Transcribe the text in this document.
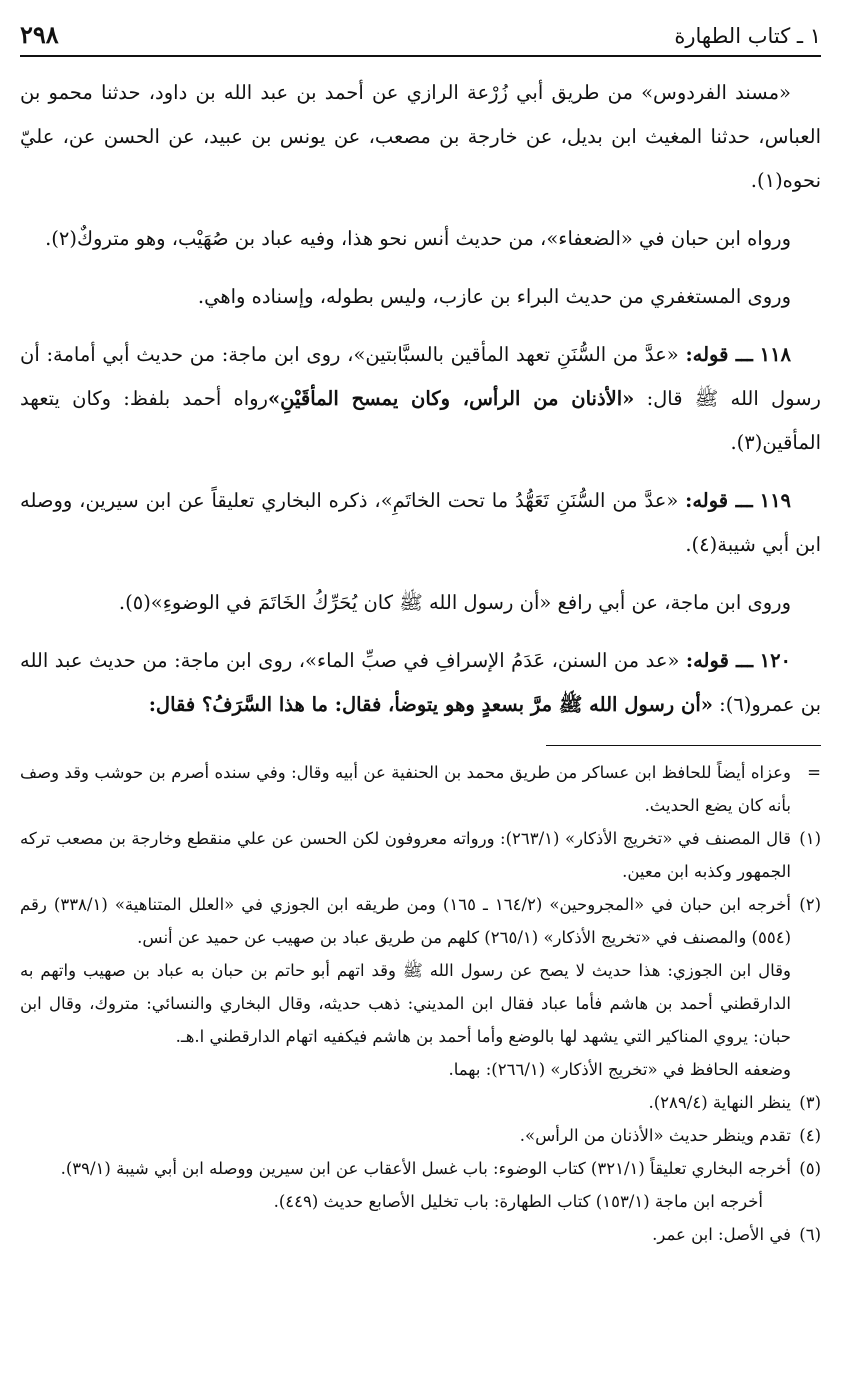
٢٩٨	١ ـ كتاب الطهارة

«مسند الفردوس» من طريق أبي زُرْعة الرازي عن أحمد بن عبد الله بن داود، حدثنا محمو بن العباس، حدثنا المغيث ابن بديل، عن خارجة بن مصعب، عن يونس بن عبيد، عن الحسن عن، عليّ نحوه(١).

ورواه ابن حبان في «الضعفاء»، من حديث أنس نحو هذا، وفيه عباد بن صُهَيْب، وهو متروكٌ(٢).

وروى المستغفري من حديث البراء بن عازب، وليس بطوله، وإسناده واهي.

١١٨ ـــ قوله: «عدَّ من السُّنَنِ تعهد المأقين بالسبَّابتين»، روى ابن ماجة: من حديث أبي أمامة: أن رسول الله ﷺ قال: «الأذنان من الرأس، وكان يمسح المأقَيْنِ»رواه أحمد بلفظ: وكان يتعهد المأقين(٣).

١١٩ ـــ قوله: «عدَّ من السُّنَنِ تَعَهُّدُ ما تحت الخاتَمِ»، ذكره البخاري تعليقاً عن ابن سيرين، ووصله ابن أبي شيبة(٤).

وروى ابن ماجة، عن أبي رافع «أن رسول الله ﷺ كان يُحَرِّكُ الخَاتَمَ في الوضوءِ»(٥).

١٢٠ ـــ قوله: «عد من السنن، عَدَمُ الإسرافِ في صبِّ الماء»، روى ابن ماجة: من حديث عبد الله بن عمرو(٦): «أن رسول الله ﷺ مرَّ بسعدٍ وهو يتوضأ، فقال: ما هذا السَّرَفُ؟ فقال:

=
وعزاه أيضاً للحافظ ابن عساكر من طريق محمد بن الحنفية عن أبيه وقال: وفي سنده أصرم بن حوشب وقد وصف بأنه كان يضع الحديث.
(١)
قال المصنف في «تخريج الأذكار» (٢٦٣/١): ورواته معروفون لكن الحسن عن علي منقطع وخارجة بن مصعب تركه الجمهور وكذبه ابن معين.
(٢)
أخرجه ابن حبان في «المجروحين» (١٦٤/٢ ـ ١٦٥) ومن طريقه ابن الجوزي في «العلل المتناهية» (٣٣٨/١) رقم (٥٥٤) والمصنف في «تخريج الأذكار» (٢٦٥/١) كلهم من طريق عباد بن صهيب عن حميد عن أنس.
وقال ابن الجوزي: هذا حديث لا يصح عن رسول الله ﷺ وقد اتهم أبو حاتم بن حبان به عباد بن صهيب واتهم به الدارقطني أحمد بن هاشم فأما عباد فقال ابن المديني: ذهب حديثه، وقال البخاري والنسائي: متروك، وقال ابن حبان: يروي المناكير التي يشهد لها بالوضع وأما أحمد بن هاشم فيكفيه اتهام الدارقطني ا.هـ.
وضعفه الحافظ في «تخريج الأذكار» (٢٦٦/١): بهما.
(٣)
ينظر النهاية (٢٨٩/٤).
(٤)
تقدم وينظر حديث «الأذنان من الرأس».
(٥)
أخرجه البخاري تعليقاً (٣٢١/١) كتاب الوضوء: باب غسل الأعقاب عن ابن سيرين ووصله ابن أبي شيبة (٣٩/١).
أخرجه ابن ماجة (١٥٣/١) كتاب الطهارة: باب تخليل الأصابع حديث (٤٤٩).
(٦)
في الأصل: ابن عمر.
